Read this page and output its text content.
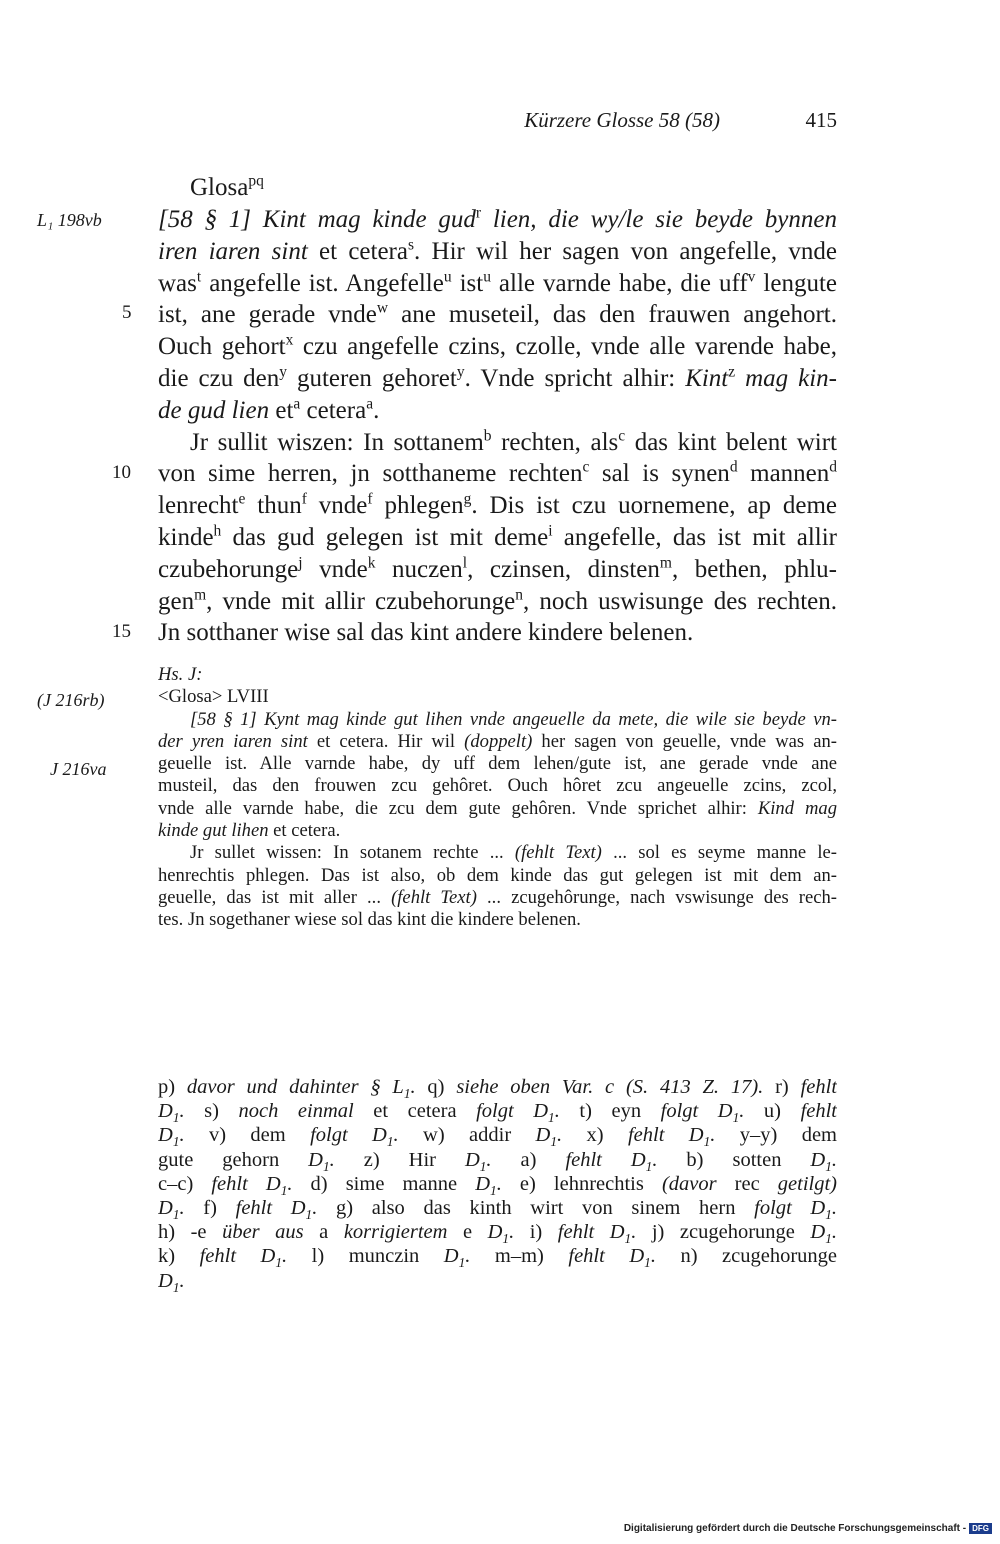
Kürzere Glosse 58 (58)	415
Glosa$^{pq}$
L₁ 198vb
5
10
15
[58 § 1] Kint mag kinde gud$^r$ lien, die wy/le sie beyde bynnen
iren iaren sint et cetera$^s$. Hir wil her sagen von angefelle, vnde
was$^t$ angefelle ist. Angefelle$^u$ ist$^u$ alle varnde habe, die uff$^v$ lengute
ist, ane gerade vnde$^w$ ane museteil, das den frauwen angehort.
Ouch gehort$^x$ czu angefelle czins, czolle, vnde alle varende habe,
die czu den$^y$ guteren gehoret$^y$. Vnde spricht alhir: Kint$^z$ mag kin-
de gud lien $et^a$ cetera$^a$.
Jr sullit wiszen: In sottanem$^b$ rechten, als$^c$ das kint belent wirt
von sime herren, jn sotthaneme rechten$^c$ sal is synen$^d$ mannen$^d$
lenrecht$^e$ thun$^f$ vnde$^f$ phlegen$^g$. Dis ist czu uornemene, ap deme
kinde$^h$ das gud gelegen ist mit deme$^i$ angefelle, das ist mit allir
czubehorunge$^j$ vnde$^k$ nuczen$^l$, czinsen, dinsten$^m$, bethen, phlu-
gen$^m$, vnde mit allir czubehorunge$^n$, noch uswisunge des rechten.
Jn sotthaner wise sal das kint andere kindere belenen.
(J 216rb)
J 216va
Hs. J:
<Glosa> LVIII
[58 § 1] Kynt mag kinde gut lihen vnde angeuelle da mete, die wile sie beyde vn-
der yren iaren sint et cetera. Hir wil (doppelt) her sagen von geuelle, vnde was an-
geuelle ist. Alle varnde habe, dy uff dem lehen/gute ist, ane gerade vnde ane
musteil, das den frouwen zcu gehôret. Ouch hôret zcu angeuelle zcins, zcol,
vnde alle varnde habe, die zcu dem gute gehôren. Vnde sprichet alhir: Kind mag
kinde gut lihen et cetera.
Jr sullet wissen: In sotanem rechte ... (fehlt Text) ... sol es seyme manne le-
henrechtis phlegen. Das ist also, ob dem kinde das gut gelegen ist mit dem an-
geuelle, das ist mit aller ... (fehlt Text) ... zcugehôrunge, nach vswisunge des rech-
tes. Jn sogethaner wiese sol das kint die kindere belenen.
p) davor und dahinter § $L_1$. q) siehe oben Var. c (S. 413 Z. 17). r) fehlt
$D_1$. s) noch einmal et cetera folgt $D_1$. t) eyn folgt $D_1$. u) fehlt
$D_1$. v) dem folgt $D_1$. w) addir $D_1$. x) fehlt $D_1$. y–y) dem
gute gehorn $D_1$. z) Hir $D_1$. a) fehlt $D_1$. b) sotten $D_1$.
c–c) fehlt $D_1$. d) sime manne $D_1$. e) lehnrechtis (davor rec getilgt)
$D_1$. f) fehlt $D_1$. g) also das kinth wirt von sinem hern folgt $D_1$.
h) -e über aus a korrigiertem e $D_1$. i) fehlt $D_1$. j) zcugehorunge $D_1$.
k) fehlt $D_1$. l) munczin $D_1$. m–m) fehlt $D_1$. n) zcugehorunge
$D_1$.
Digitalisierung gefördert durch die Deutsche Forschungsgemeinschaft - DFG
